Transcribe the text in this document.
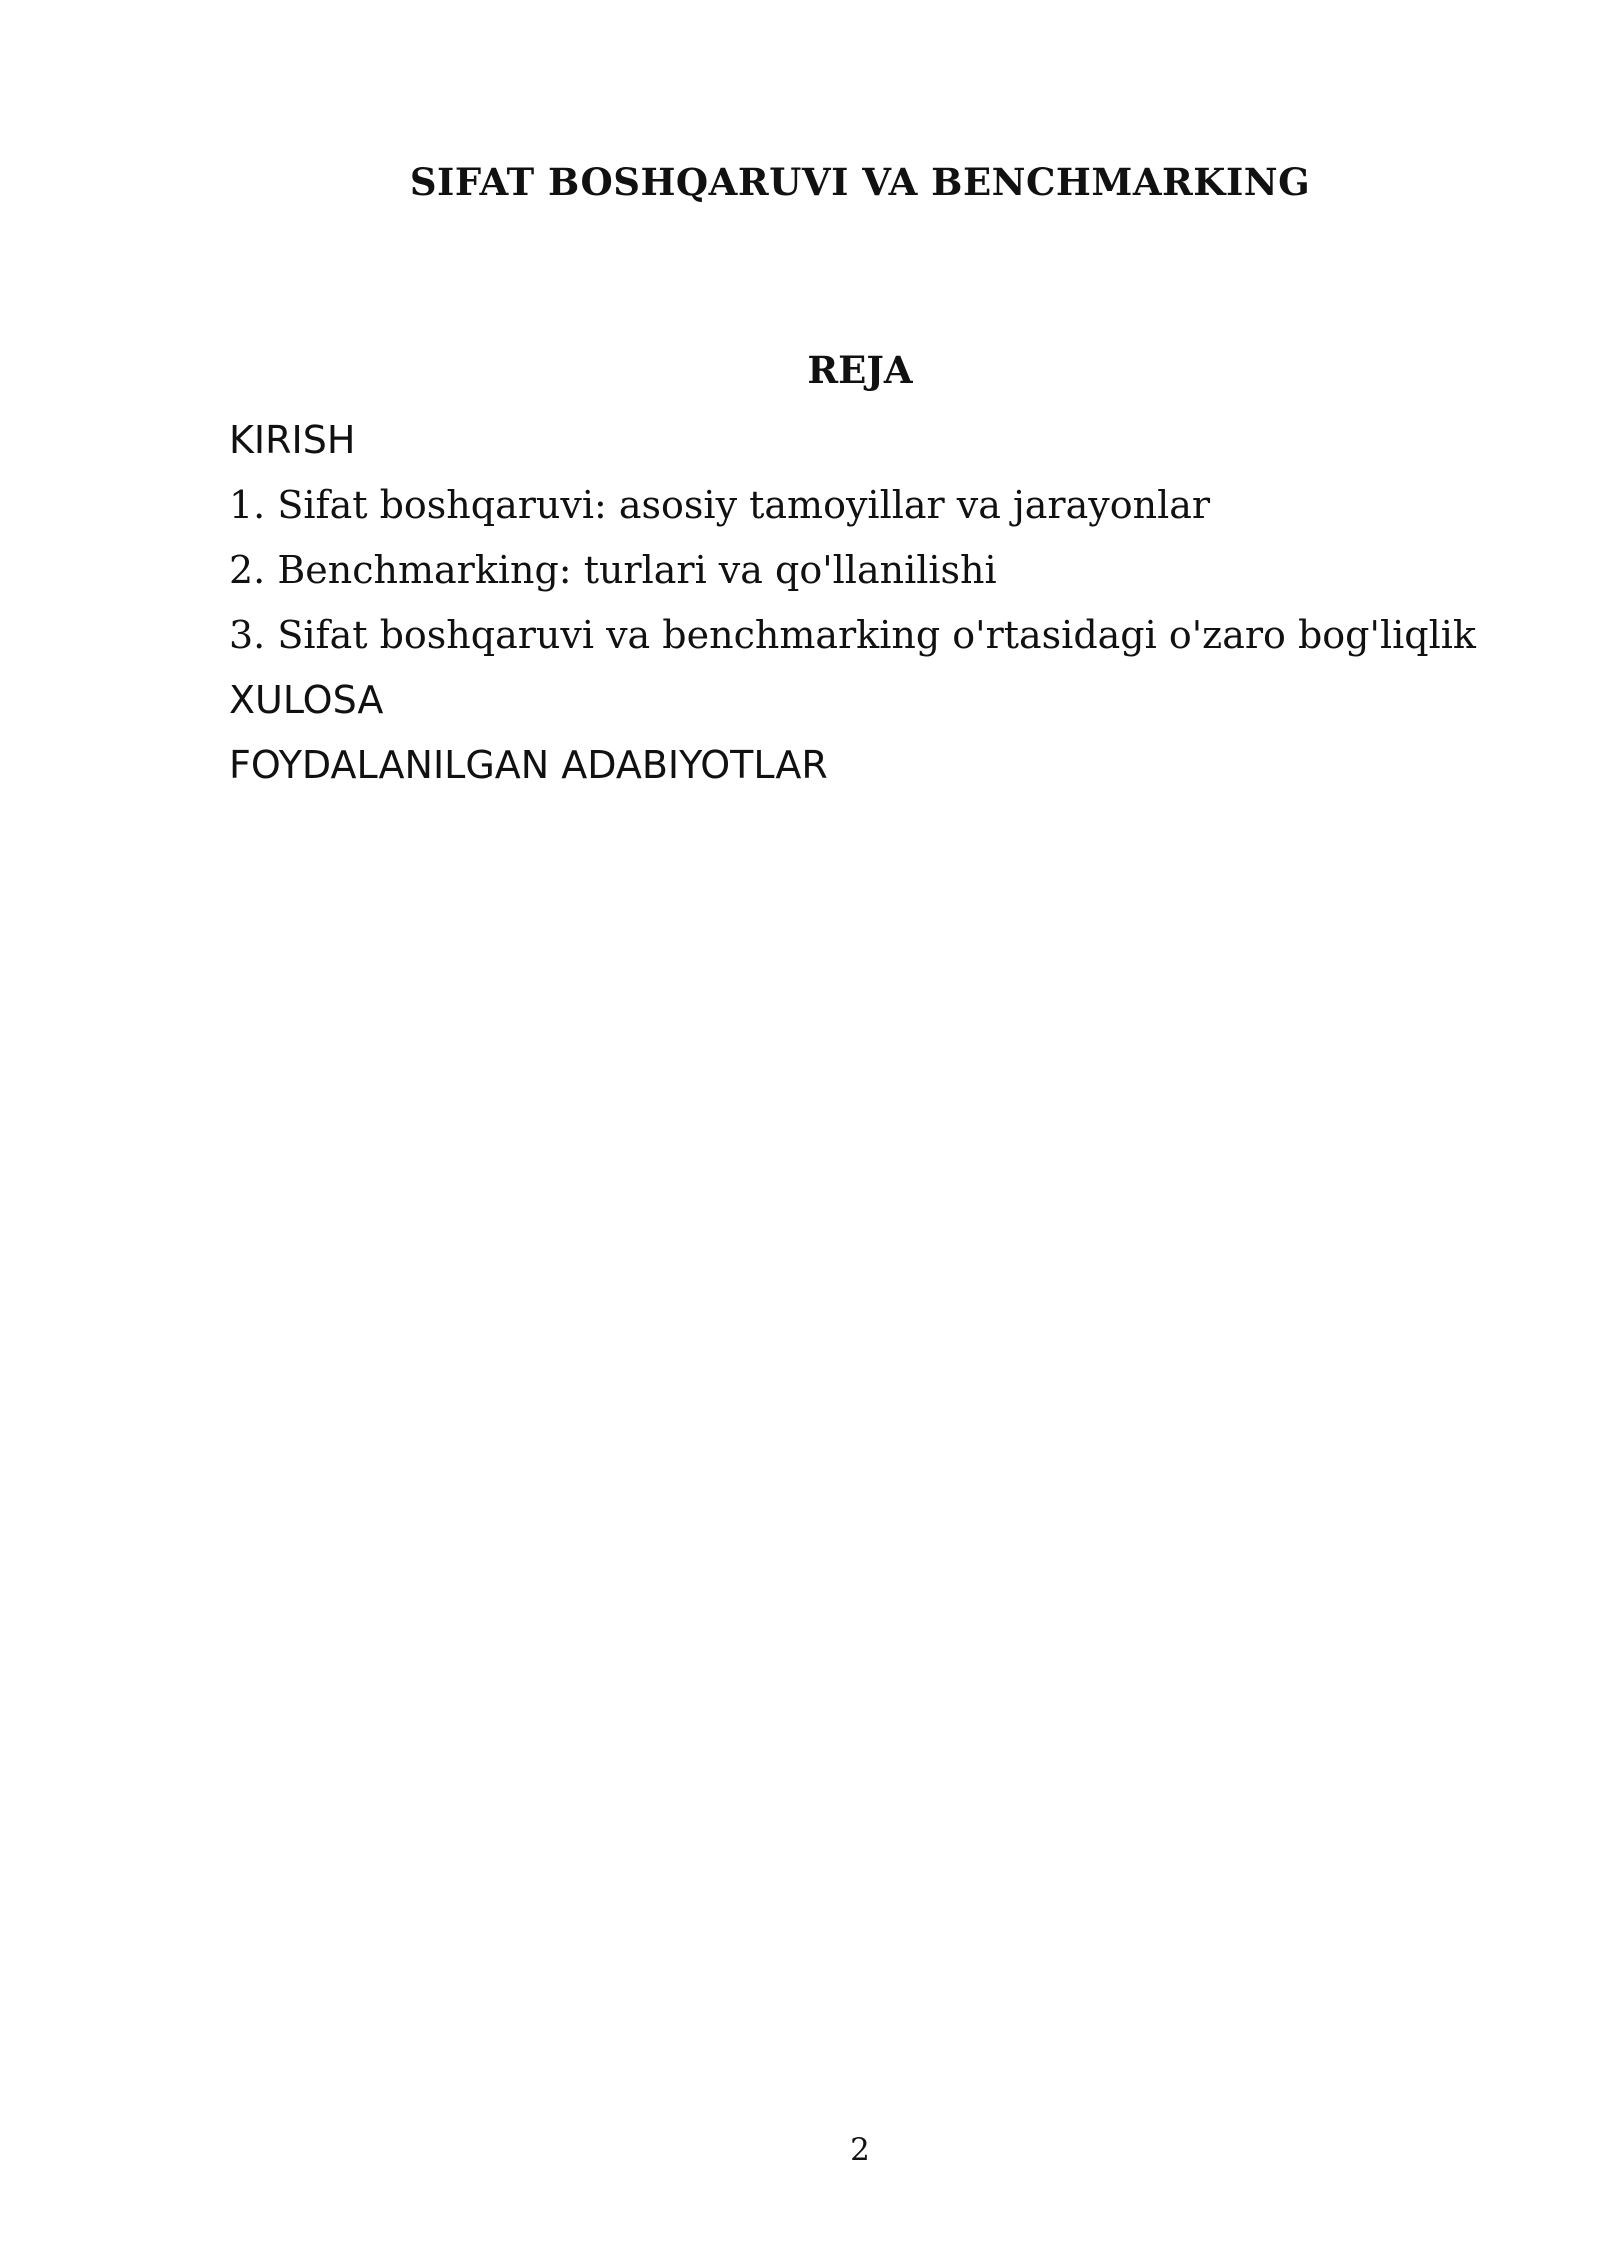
SIFAT BOSHQARUVI VA BENCHMARKING
REJA
KIRISH
1. Sifat boshqaruvi: asosiy tamoyillar va jarayonlar
2. Benchmarking: turlari va qo'llanilishi
3. Sifat boshqaruvi va benchmarking o'rtasidagi o'zaro bog'liqlik
XULOSA
FOYDALANILGAN ADABIYOTLAR
2
